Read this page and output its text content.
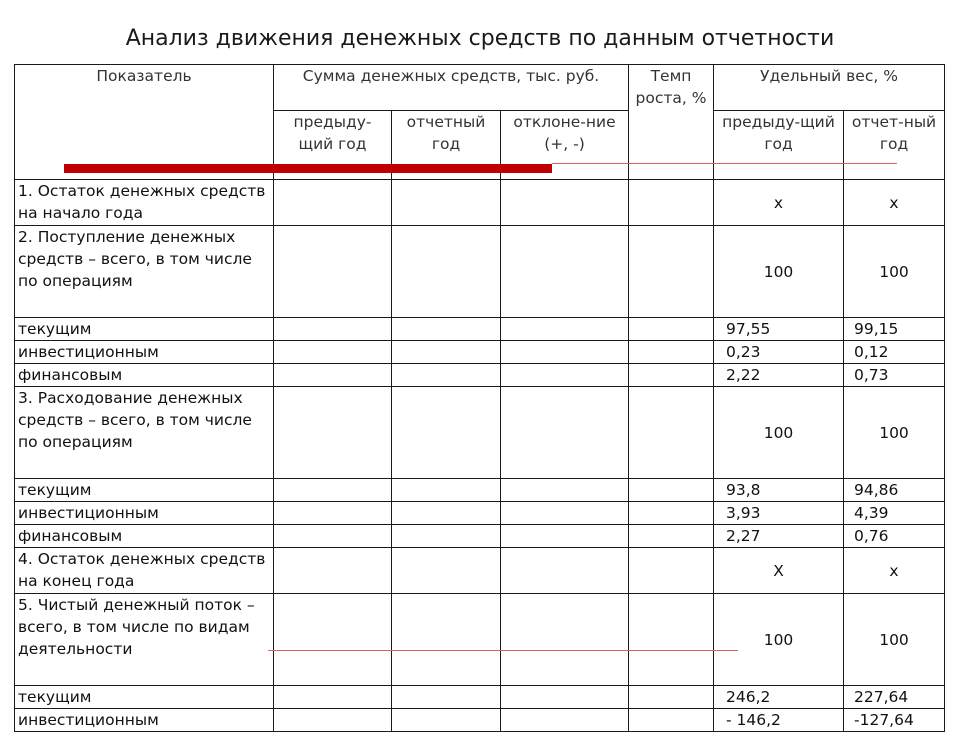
Анализ движения денежных средств по данным отчетности
Показатель	Сумма денежных средств, тыс. руб.			Темп роста, %	Удельный вес, %	
	предыду-щий год	отчетный год	отклоне-ние (+, -)		предыду-щий год	отчет-ный год
1. Остаток денежных средств на начало года					х	х
2. Поступление денежных средств – всего, в том числе по операциям					100	100
текущим					97,55	99,15
инвестиционным					0,23	0,12
финансовым					2,22	0,73
3. Расходование денежных средств – всего, в том числе по операциям					100	100
текущим					93,8	94,86
инвестиционным					3,93	4,39
финансовым					2,27	0,76
4. Остаток денежных средств на конец года					Х	х
5. Чистый денежный поток – всего, в том числе по видам деятельности					100	100
текущим					246,2	227,64
инвестиционным					- 146,2	-127,64
